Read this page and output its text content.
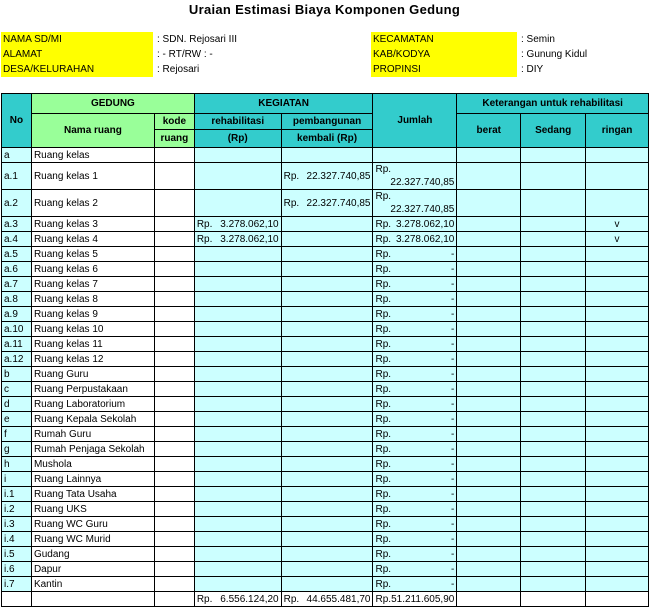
Uraian Estimasi Biaya Komponen Gedung
NAMA SD/MI	: SDN. Rejosari III
ALAMAT	: - RT/RW : -
DESA/KELURAHAN	: Rejosari
KECAMATAN	: Semin
KAB/KODYA	: Gunung Kidul
PROPINSI	: DIY
No	GEDUNG		KEGIATAN		Jumlah	Keterangan untuk rehabilitasi		
	Nama ruang	kode	rehabilitasi	pembangunan		berat	Sedang	ringan
		ruang	(Rp)	kembali (Rp)				
a	Ruang kelas							
a.1	Ruang kelas 1			Rp. 22.327.740,85	Rp.
22.327.740,85			

a.2	Ruang kelas 2			Rp. 22.327.740,85	Rp.
22.327.740,85			

a.3	Ruang kelas 3		Rp. 3.278.062,10		Rp. 3.278.062,10			v
a.4	Ruang kelas 4		Rp. 3.278.062,10		Rp. 3.278.062,10			v
a.5	Ruang kelas 5				Rp. -			

a.6	Ruang kelas 6				Rp. -			

a.7	Ruang kelas 7				Rp. -			

a.8	Ruang kelas 8				Rp. -			

a.9	Ruang kelas 9				Rp. -			

a.10	Ruang kelas 10				Rp. -			

a.11	Ruang kelas 11				Rp. -			

a.12	Ruang kelas 12				Rp. -			

b	Ruang Guru				Rp. -			

c	Ruang Perpustakaan				Rp. -			

d	Ruang Laboratorium				Rp. -			

e	Ruang Kepala Sekolah				Rp. -			

f	Rumah Guru				Rp. -			

g	Rumah Penjaga Sekolah				Rp. -			

h	Mushola				Rp. -			

i	Ruang Lainnya				Rp. -			

i.1	Ruang Tata Usaha				Rp. -			

i.2	Ruang UKS				Rp. -			

i.3	Ruang WC Guru				Rp. -			

i.4	Ruang WC Murid				Rp. -			

i.5	Gudang				Rp. -			

i.6	Dapur				Rp. -			

i.7	Kantin				Rp. -			

			Rp. 6.556.124,20	Rp. 44.655.481,70	Rp. 51.211.605,90			
